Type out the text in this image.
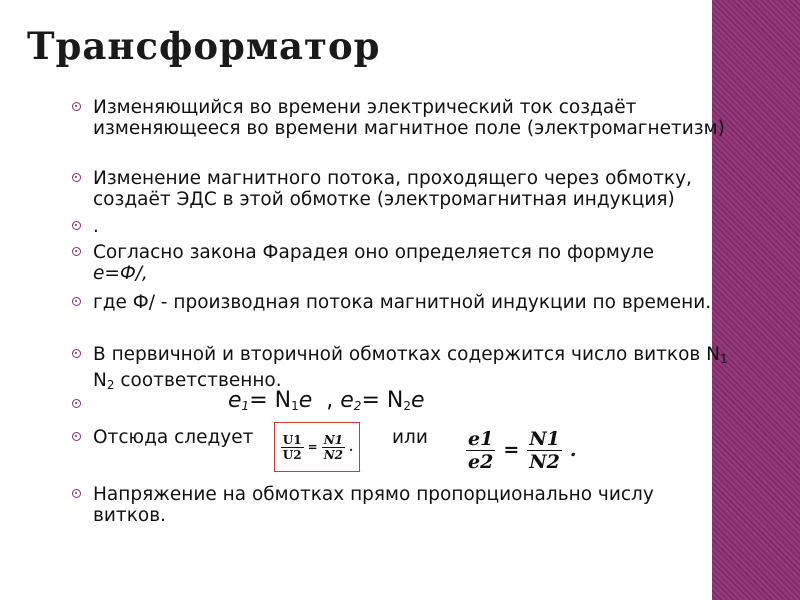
Трансформатор
Изменяющийся во времени электрический ток создаёт изменяющееся во времени магнитное поле (электромагнетизм)
Изменение магнитного потока, проходящего через обмотку, создаёт ЭДС в этой обмотке (электромагнитная индукция)
.
Согласно закона Фарадея оно определяется по формуле
e=Ф/,
где Ф/ - производная потока магнитной индукции по времени.
В первичной и вторичной обмотках содержится число витков $N_1$ $N_2$ соответственно.
$e_1= N_1e$  , $e_2= N_2e$
Отсюда следует	или
$\frac{U1}{U2} = \frac{N1}{N2}$ .	$\frac{e1}{e2} = \frac{N1}{N2}$ .
Напряжение на обмотках прямо пропорционально числу витков.
